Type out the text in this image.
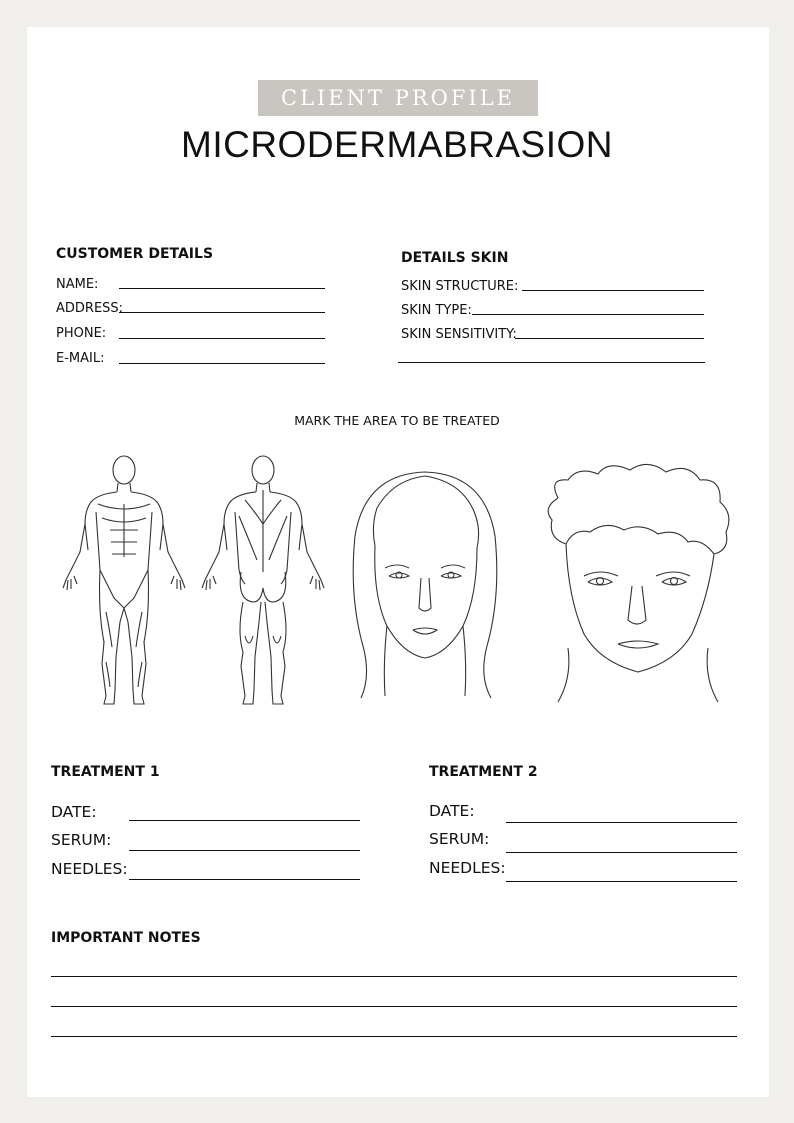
CLIENT PROFILE
MICRODERMABRASION
CUSTOMER DETAILS
NAME:
ADDRESS:
PHONE:
E-MAIL:
DETAILS SKIN
SKIN STRUCTURE:
SKIN TYPE:
SKIN SENSITIVITY:
MARK THE AREA TO BE TREATED
TREATMENT 1
DATE:
SERUM:
NEEDLES:
TREATMENT 2
DATE:
SERUM:
NEEDLES:
IMPORTANT NOTES
